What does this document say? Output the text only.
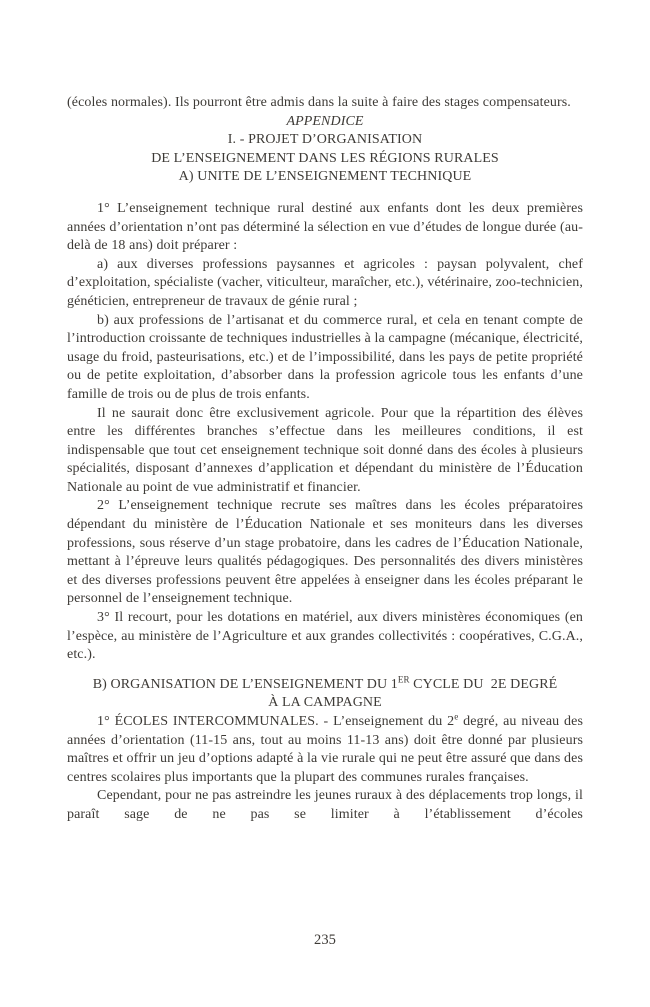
(écoles normales). Ils pourront être admis dans la suite à faire des stages compensateurs.

APPENDICE
I. - PROJET D’ORGANISATION
DE L’ENSEIGNEMENT DANS LES RÉGIONS RURALES
A) UNITE DE L’ENSEIGNEMENT TECHNIQUE

1° L’enseignement technique rural destiné aux enfants dont les deux premières années d’orientation n’ont pas déterminé la sélection en vue d’études de longue durée (au-delà de 18 ans) doit préparer :

a) aux diverses professions paysannes et agricoles : paysan polyvalent, chef d’exploitation, spécialiste (vacher, viticulteur, maraîcher, etc.), vétérinaire, zoo-technicien, généticien, entrepreneur de travaux de génie rural ;

b) aux professions de l’artisanat et du commerce rural, et cela en tenant compte de l’introduction croissante de techniques industrielles à la campagne (mécanique, électricité, usage du froid, pasteurisations, etc.) et de l’impossibilité, dans les pays de petite propriété ou de petite exploitation, d’absorber dans la profession agricole tous les enfants d’une famille de trois ou de plus de trois enfants.

Il ne saurait donc être exclusivement agricole. Pour que la répartition des élèves entre les différentes branches s’effectue dans les meilleures conditions, il est indispensable que tout cet enseignement technique soit donné dans des écoles à plusieurs spécialités, disposant d’annexes d’application et dépendant du ministère de l’Éducation Nationale au point de vue administratif et financier.

2° L’enseignement technique recrute ses maîtres dans les écoles préparatoires dépendant du ministère de l’Éducation Nationale et ses moniteurs dans les diverses professions, sous réserve d’un stage probatoire, dans les cadres de l’Éducation Nationale, mettant à l’épreuve leurs qualités pédagogiques. Des personnalités des divers ministères et des diverses professions peuvent être appelées à enseigner dans les écoles préparant le personnel de l’enseignement technique.

3° Il recourt, pour les dotations en matériel, aux divers ministères économiques (en l’espèce, au ministère de l’Agriculture et aux grandes collectivités : coopératives, C.G.A., etc.).

B) ORGANISATION DE L’ENSEIGNEMENT DU 1ER CYCLE DU  2E DEGRÉ
À LA CAMPAGNE

1° ÉCOLES INTERCOMMUNALES. - L’enseignement du 2e degré, au niveau des années d’orientation (11-15 ans, tout au moins 11-13 ans) doit être donné par plusieurs maîtres et offrir un jeu d’options adapté à la vie rurale qui ne peut être assuré que dans des centres scolaires plus importants que la plupart des communes rurales françaises.

Cependant, pour ne pas astreindre les jeunes ruraux à des déplacements trop longs, il paraît sage de ne pas se limiter à l’établissement d’écoles

235
